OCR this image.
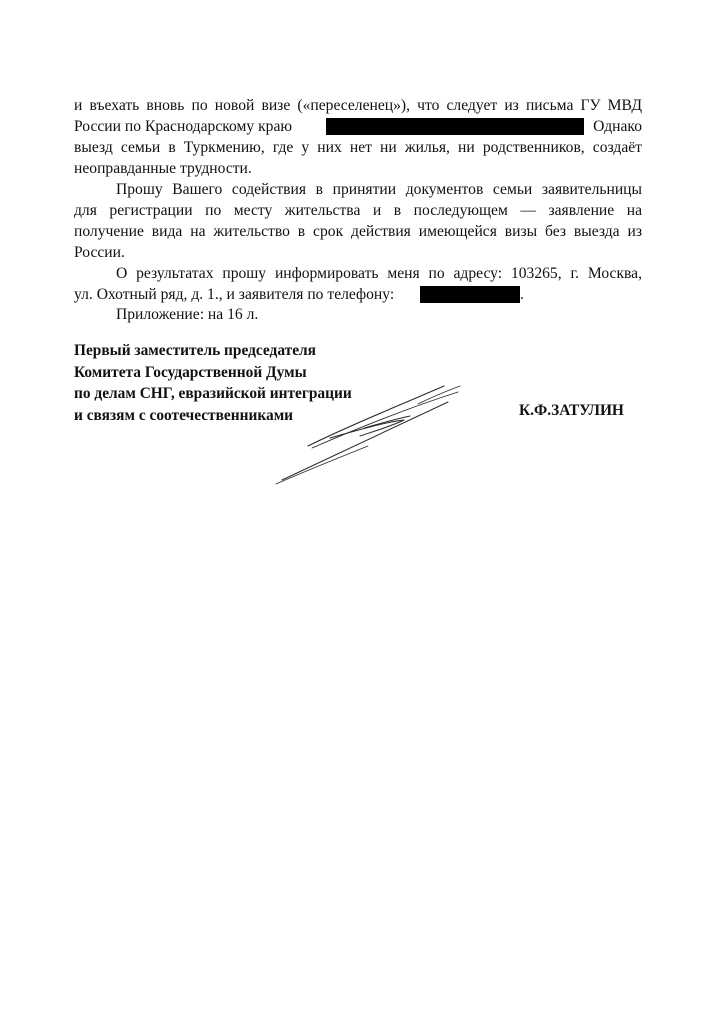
и въехать вновь по новой визе («переселенец»), что следует из письма ГУ МВД
России по Краснодарскому краю	Однако
выезд семьи в Туркмению, где у них нет ни жилья, ни родственников, создаёт
неоправданные трудности.
Прошу Вашего содействия в принятии документов семьи заявительницы
для регистрации по месту жительства и в последующем — заявление на
получение вида на жительство в срок действия имеющейся визы без выезда из
России.
О результатах прошу информировать меня по адресу: 103265, г. Москва,
ул. Охотный ряд, д. 1., и заявителя по телефону:	.
Приложение: на 16 л.
Первый заместитель председателя
Комитета Государственной Думы
по делам СНГ, евразийской интеграции
и связям с соотечественниками	К.Ф.ЗАТУЛИН
